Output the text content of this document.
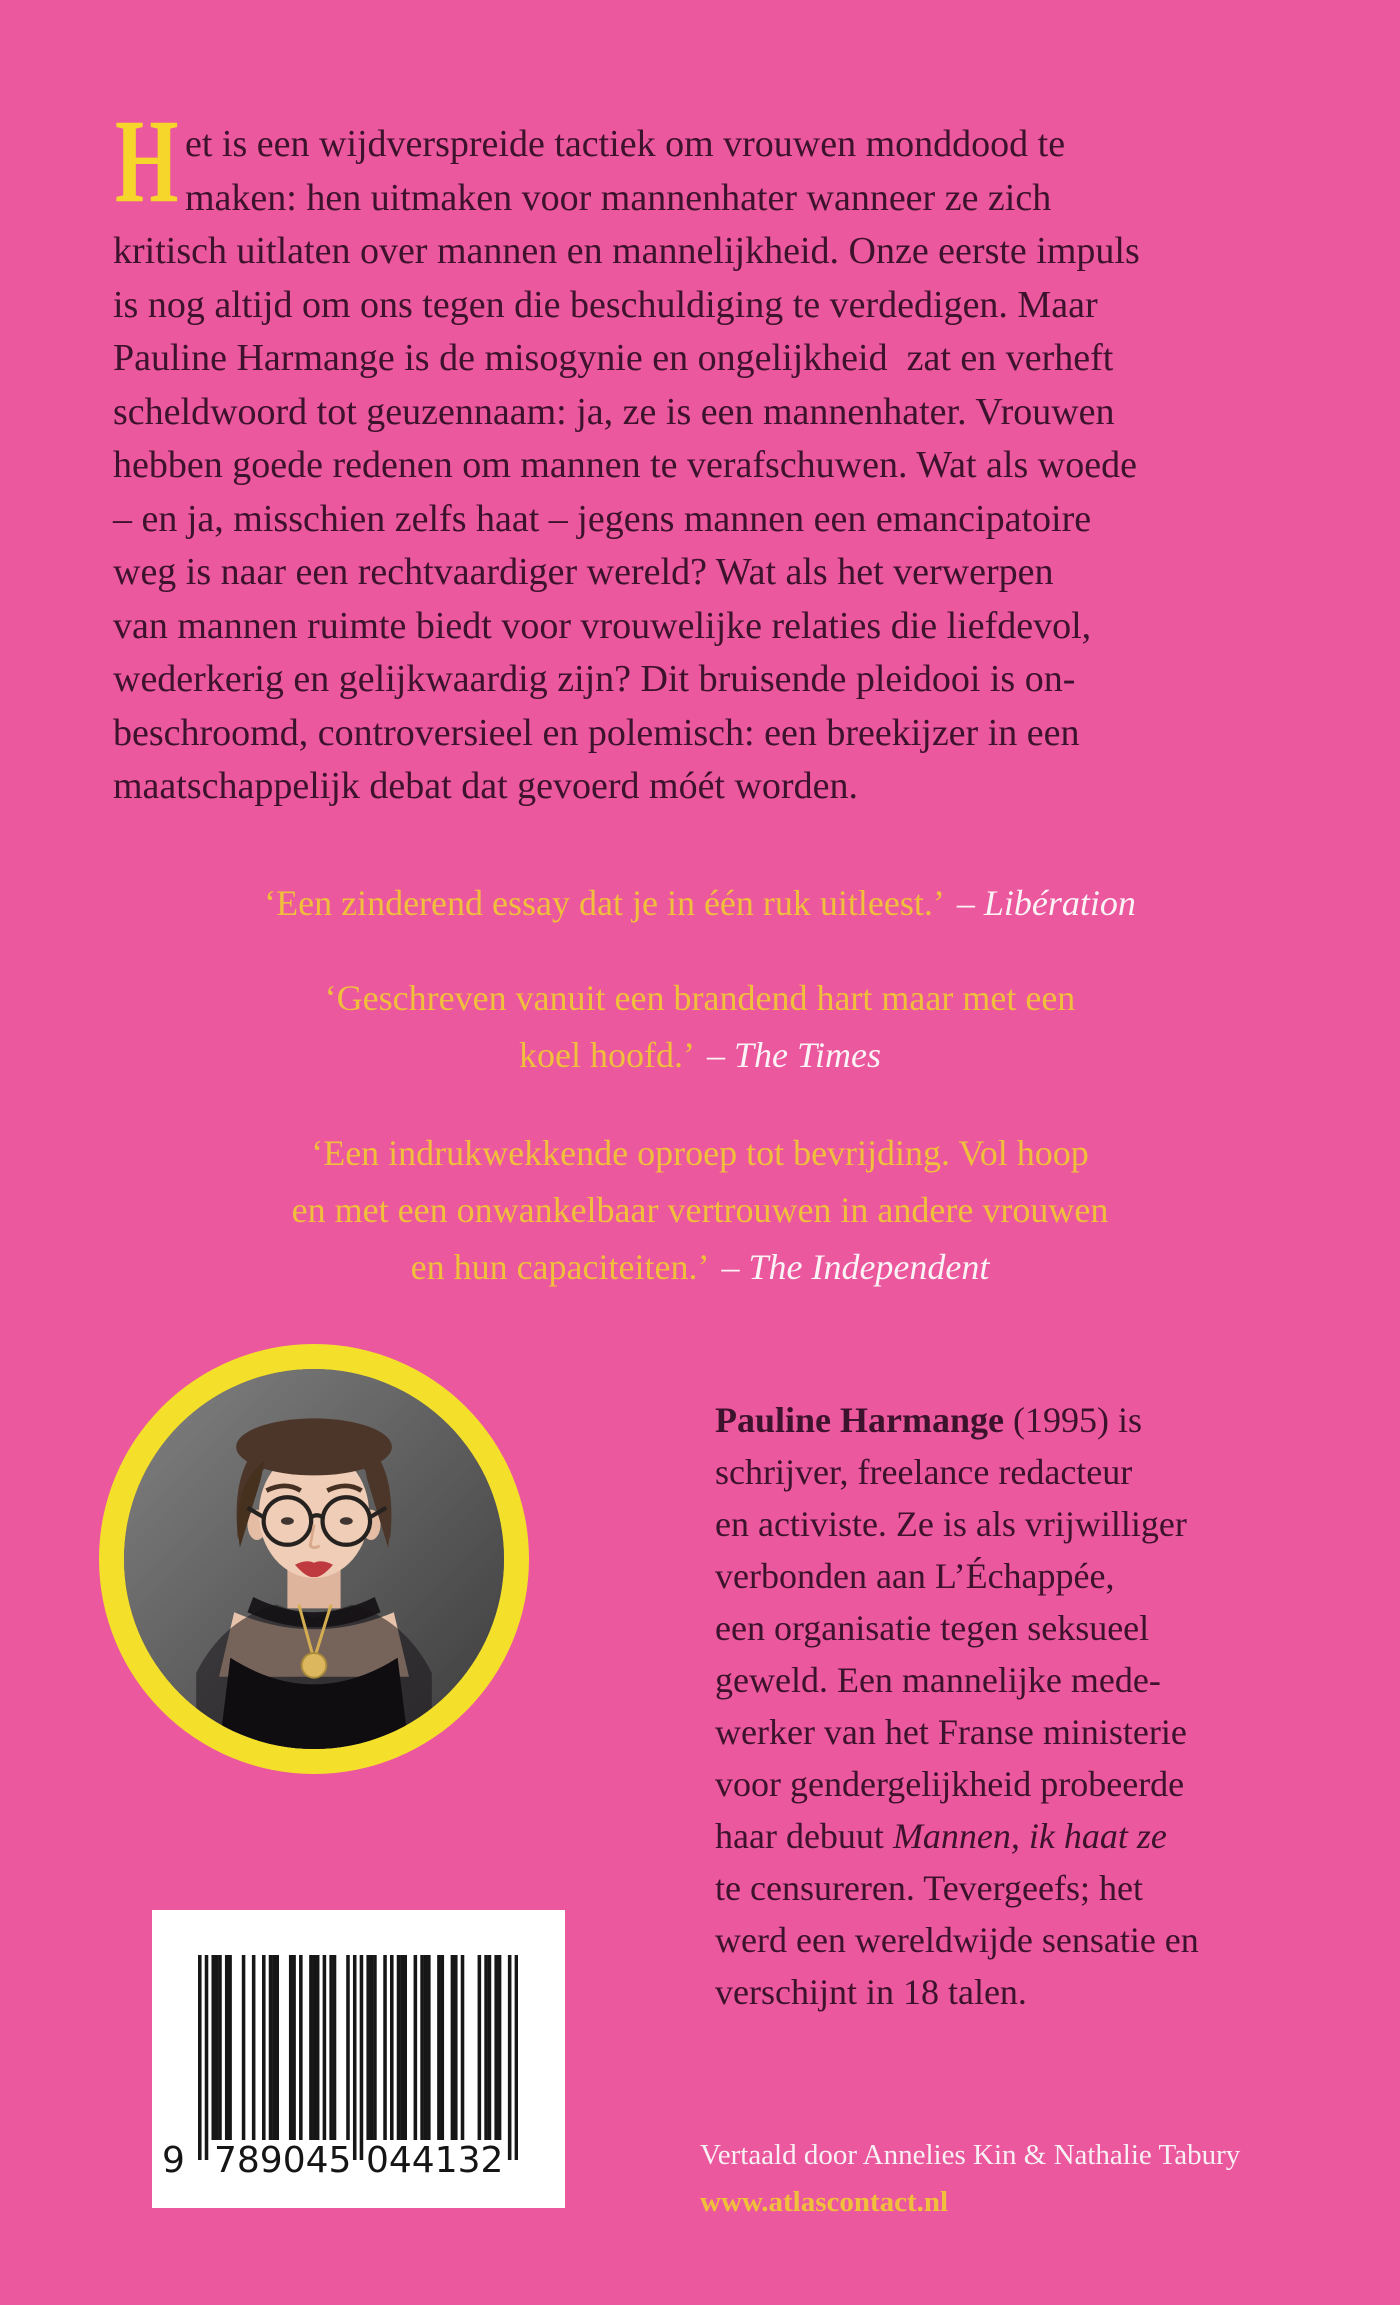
H et is een wijdverspreide tactiek om vrouwen monddood te
maken: hen uitmaken voor mannenhater wanneer ze zich
kritisch uitlaten over mannen en mannelijkheid. Onze eerste impuls
is nog altijd om ons tegen die beschuldiging te verdedigen. Maar
Pauline Harmange is de misogynie en ongelijkheid  zat en verheft
scheldwoord tot geuzennaam: ja, ze is een mannenhater. Vrouwen
hebben goede redenen om mannen te verafschuwen. Wat als woede
– en ja, misschien zelfs haat – jegens mannen een emancipatoire
weg is naar een rechtvaardiger wereld? Wat als het verwerpen
van mannen ruimte biedt voor vrouwelijke relaties die liefdevol,
wederkerig en gelijkwaardig zijn? Dit bruisende pleidooi is on-
beschroomd, controversieel en polemisch: een breekijzer in een
maatschappelijk debat dat gevoerd móét worden.
‘Een zinderend essay dat je in één ruk uitleest.’ – Libération
‘Geschreven vanuit een brandend hart maar met een
koel hoofd.’ – The Times
‘Een indrukwekkende oproep tot bevrijding. Vol hoop
en met een onwankelbaar vertrouwen in andere vrouwen
en hun capaciteiten.’ – The Independent
Pauline Harmange (1995) is
schrijver, freelance redacteur
en activiste. Ze is als vrijwilliger
verbonden aan L’Échappée,
een organisatie tegen seksueel
geweld. Een mannelijke mede-
werker van het Franse ministerie
voor gendergelijkheid probeerde
haar debuut Mannen, ik haat ze
te censureren. Tevergeefs; het
werd een wereldwijde sensatie en
verschijnt in 18 talen.
9 789045 044132	Vertaald door Annelies Kin & Nathalie Tabury
www.atlascontact.nl
